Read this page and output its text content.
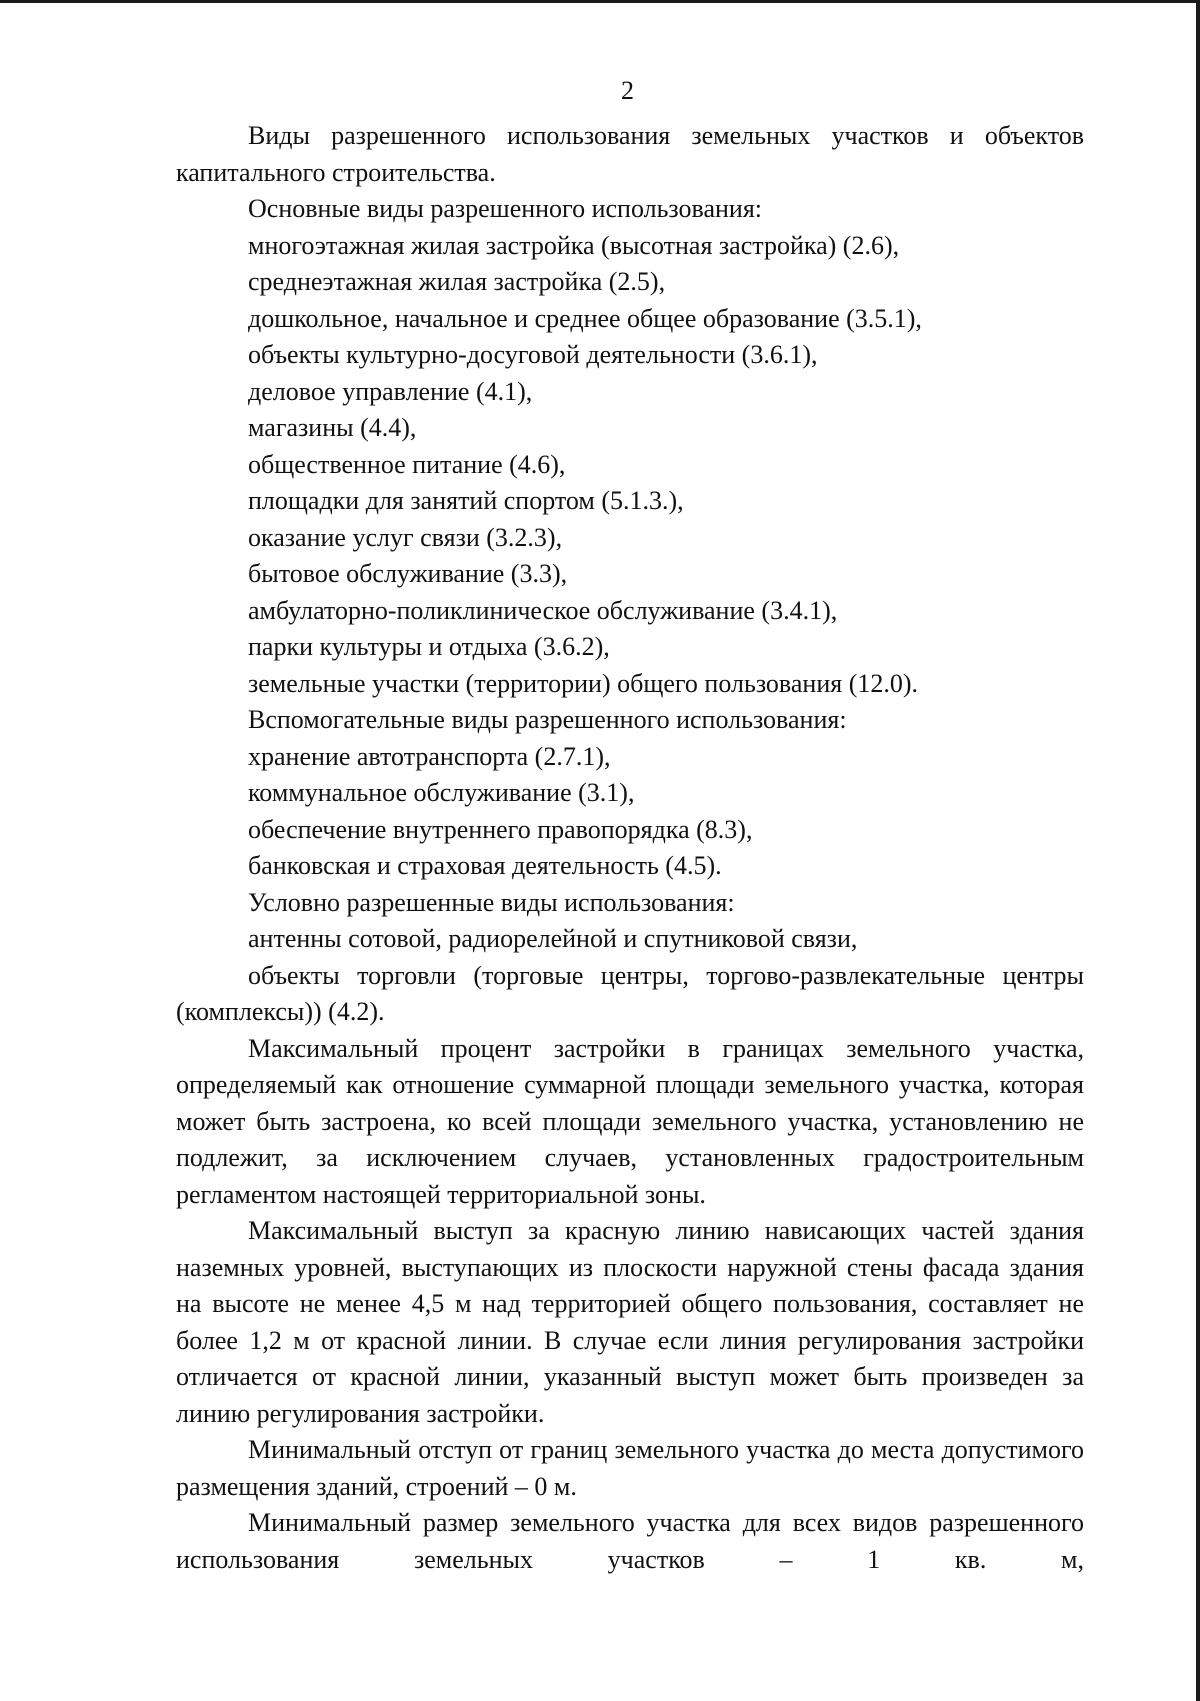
2

Виды разрешенного использования земельных участков и объектов капитального строительства.

Основные виды разрешенного использования:

многоэтажная жилая застройка (высотная застройка) (2.6),

среднеэтажная жилая застройка (2.5),

дошкольное, начальное и среднее общее образование (3.5.1),

объекты культурно-досуговой деятельности (3.6.1),

деловое управление (4.1),

магазины (4.4),

общественное питание (4.6),

площадки для занятий спортом (5.1.3.),

оказание услуг связи (3.2.3),

бытовое обслуживание (3.3),

амбулаторно-поликлиническое обслуживание (3.4.1),

парки культуры и отдыха (3.6.2),

земельные участки (территории) общего пользования (12.0).

Вспомогательные виды разрешенного использования:

хранение автотранспорта (2.7.1),

коммунальное обслуживание (3.1),

обеспечение внутреннего правопорядка (8.3),

банковская и страховая деятельность (4.5).

Условно разрешенные виды использования:

антенны сотовой, радиорелейной и спутниковой связи,

объекты торговли (торговые центры, торгово-развлекательные центры (комплексы)) (4.2).

Максимальный процент застройки в границах земельного участка, определяемый как отношение суммарной площади земельного участка, которая может быть застроена, ко всей площади земельного участка, установлению не подлежит, за исключением случаев, установленных градостроительным регламентом настоящей территориальной зоны.

Максимальный выступ за красную линию нависающих частей здания наземных уровней, выступающих из плоскости наружной стены фасада здания на высоте не менее 4,5 м над территорией общего пользования, составляет не более 1,2 м от красной линии. В случае если линия регулирования застройки отличается от красной линии, указанный выступ может быть произведен за линию регулирования застройки.

Минимальный отступ от границ земельного участка до места допустимого размещения зданий, строений – 0 м.

Минимальный размер земельного участка для всех видов разрешенного использования земельных участков – 1 кв. м,
